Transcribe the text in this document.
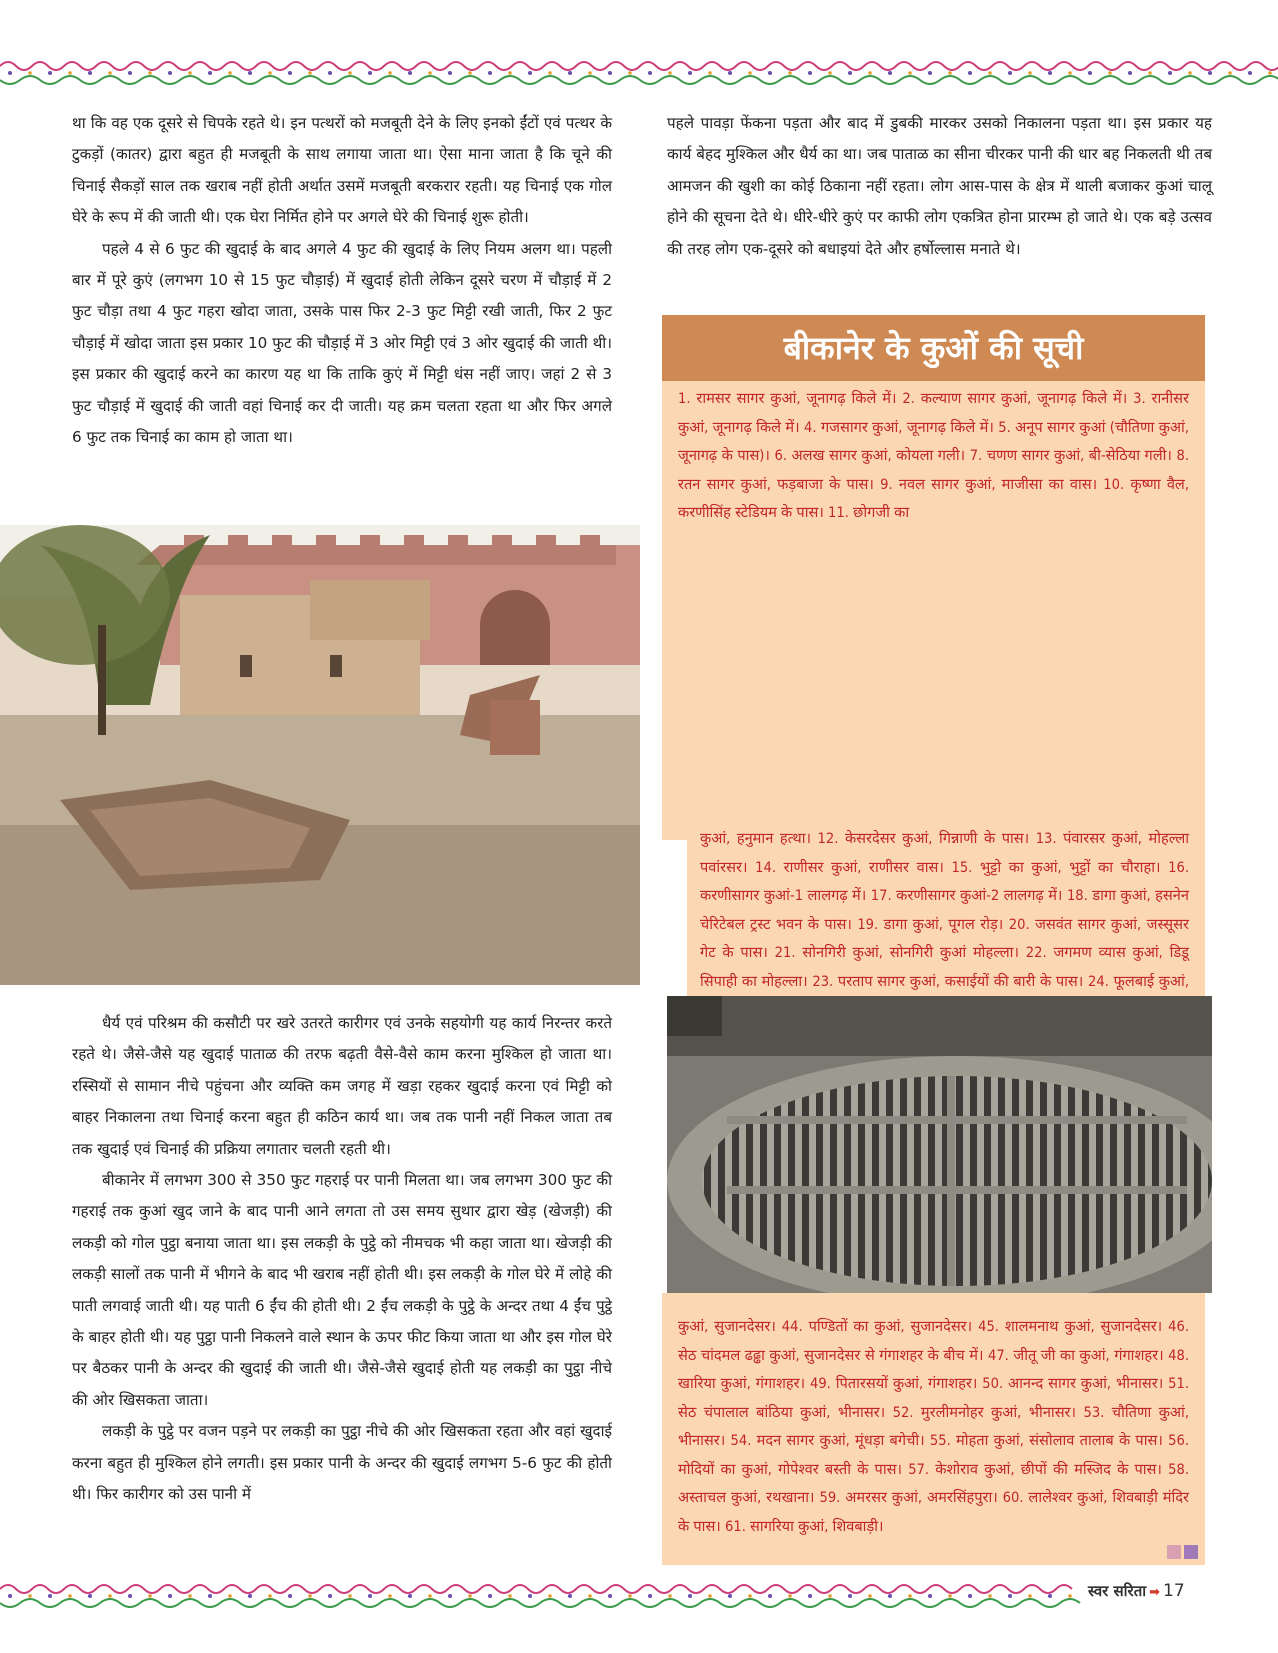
था कि वह एक दूसरे से चिपके रहते थे। इन पत्थरों को मजबूती देने के लिए इनको ईंटों एवं पत्थर के टुकड़ों (कातर) द्वारा बहुत ही मजबूती के साथ लगाया जाता था। ऐसा माना जाता है कि चूने की चिनाई सैकड़ों साल तक खराब नहीं होती अर्थात उसमें मजबूती बरकरार रहती। यह चिनाई एक गोल घेरे के रूप में की जाती थी। एक घेरा निर्मित होने पर अगले घेरे की चिनाई शुरू होती।

पहले 4 से 6 फुट की खुदाई के बाद अगले 4 फुट की खुदाई के लिए नियम अलग था। पहली बार में पूरे कुएं (लगभग 10 से 15 फुट चौड़ाई) में खुदाई होती लेकिन दूसरे चरण में चौड़ाई में 2 फुट चौड़ा तथा 4 फुट गहरा खोदा जाता, उसके पास फिर 2-3 फुट मिट्टी रखी जाती, फिर 2 फुट चौड़ाई में खोदा जाता इस प्रकार 10 फुट की चौड़ाई में 3 ओर मिट्टी एवं 3 ओर खुदाई की जाती थी। इस प्रकार की खुदाई करने का कारण यह था कि ताकि कुएं में मिट्टी धंस नहीं जाए। जहां 2 से 3 फुट चौड़ाई में खुदाई की जाती वहां चिनाई कर दी जाती। यह क्रम चलता रहता था और फिर अगले 6 फुट तक चिनाई का काम हो जाता था।

पहले पावड़ा फेंकना पड़ता और बाद में डुबकी मारकर उसको निकालना पड़ता था। इस प्रकार यह कार्य बेहद मुश्किल और धैर्य का था। जब पाताळ का सीना चीरकर पानी की धार बह निकलती थी तब आमजन की खुशी का कोई ठिकाना नहीं रहता। लोग आस-पास के क्षेत्र में थाली बजाकर कुआं चालू होने की सूचना देते थे। धीरे-धीरे कुएं पर काफी लोग एकत्रित होना प्रारम्भ हो जाते थे। एक बड़े उत्सव की तरह लोग एक-दूसरे को बधाइयां देते और हर्षोल्लास मनाते थे।

बीकानेर के कुओं की सूची
1. रामसर सागर कुआं, जूनागढ़ किले में। 2. कल्याण सागर कुआं, जूनागढ़ किले में। 3. रानीसर कुआं, जूनागढ़ किले में। 4. गजसागर कुआं, जूनागढ़ किले में। 5. अनूप सागर कुआं (चौतिणा कुआं, जूनागढ़ के पास)। 6. अलख सागर कुआं, कोयला गली। 7. चणण सागर कुआं, बी-सेठिया गली। 8. रतन सागर कुआं, फड़बाजा के पास। 9. नवल सागर कुआं, माजीसा का वास। 10. कृष्णा वैल, करणीसिंह स्टेडियम के पास। 11. छोगजी का
कुआं, हनुमान हत्था। 12. केसरदेसर कुआं, गिन्नाणी के पास। 13. पंवारसर कुआं, मोहल्ला पवांरसर। 14. राणीसर कुआं, राणीसर वास। 15. भुट्टो का कुआं, भुट्टों का चौराहा। 16. करणीसागर कुआं-1 लालगढ़ में। 17. करणीसागर कुआं-2 लालगढ़ में। 18. डागा कुआं, हसनेन चेरिटेबल ट्रस्ट भवन के पास। 19. डागा कुआं, पूगल रोड़। 20. जसवंत सागर कुआं, जस्सूसर गेट के पास। 21. सोनगिरी कुआं, सोनगिरी कुआं मोहल्ला। 22. जगमण व्यास कुआं, डिडू सिपाही का मोहल्ला। 23. परताप सागर कुआं, कसाईयों की बारी के पास। 24. फूलबाई कुआं,
कुआं, सुजानदेसर। 44. पण्डितों का कुआं, सुजानदेसर। 45. शालमनाथ कुआं, सुजानदेसर। 46. सेठ चांदमल ढढ्ढा कुआं, सुजानदेसर से गंगाशहर के बीच में। 47. जीतू जी का कुआं, गंगाशहर। 48. खारिया कुआं, गंगाशहर। 49. पितारसयों कुआं, गंगाशहर। 50. आनन्द सागर कुआं, भीनासर। 51. सेठ चंपालाल बांठिया कुआं, भीनासर। 52. मुरलीमनोहर कुआं, भीनासर। 53. चौतिणा कुआं, भीनासर। 54. मदन सागर कुआं, मूंधड़ा बगेची। 55. मोहता कुआं, संसोलाव तालाब के पास। 56. मोदियों का कुआं, गोपेश्वर बस्ती के पास। 57. केशोराव कुआं, छीपों की मस्जिद के पास। 58. अस्ताचल कुआं, रथखाना। 59. अमरसर कुआं, अमरसिंहपुरा। 60. लालेश्वर कुआं, शिवबाड़ी मंदिर के पास। 61. सागरिया कुआं, शिवबाड़ी।

धैर्य एवं परिश्रम की कसौटी पर खरे उतरते कारीगर एवं उनके सहयोगी यह कार्य निरन्तर करते रहते थे। जैसे-जैसे यह खुदाई पाताळ की तरफ बढ़ती वैसे-वैसे काम करना मुश्किल हो जाता था। रस्सियों से सामान नीचे पहुंचना और व्यक्ति कम जगह में खड़ा रहकर खुदाई करना एवं मिट्टी को बाहर निकालना तथा चिनाई करना बहुत ही कठिन कार्य था। जब तक पानी नहीं निकल जाता तब तक खुदाई एवं चिनाई की प्रक्रिया लगातार चलती रहती थी।

बीकानेर में लगभग 300 से 350 फुट गहराई पर पानी मिलता था। जब लगभग 300 फुट की गहराई तक कुआं खुद जाने के बाद पानी आने लगता तो उस समय सुथार द्वारा खेड़ (खेजड़ी) की लकड़ी को गोल पुट्ठा बनाया जाता था। इस लकड़ी के पुट्ठे को नीमचक भी कहा जाता था। खेजड़ी की लकड़ी सालों तक पानी में भीगने के बाद भी खराब नहीं होती थी। इस लकड़ी के गोल घेरे में लोहे की पाती लगवाई जाती थी। यह पाती 6 ईंच की होती थी। 2 ईंच लकड़ी के पुट्ठे के अन्दर तथा 4 ईंच पुट्ठे के बाहर होती थी। यह पुट्ठा पानी निकलने वाले स्थान के ऊपर फीट किया जाता था और इस गोल घेरे पर बैठकर पानी के अन्दर की खुदाई की जाती थी। जैसे-जैसे खुदाई होती यह लकड़ी का पुट्ठा नीचे की ओर खिसकता जाता।

लकड़ी के पुट्ठे पर वजन पड़ने पर लकड़ी का पुट्ठा नीचे की ओर खिसकता रहता और वहां खुदाई करना बहुत ही मुश्किल होने लगती। इस प्रकार पानी के अन्दर की खुदाई लगभग 5-6 फुट की होती थी। फिर कारीगर को उस पानी में

स्वर सरिता ➡ 17
